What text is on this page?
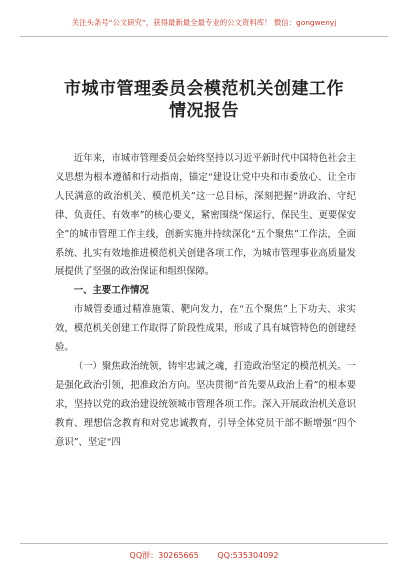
关注头条号“公文研究”，获得最新最全最专业的公文资料库！ 微信：gongwenyj
市城市管理委员会模范机关创建工作
情况报告

近年来，市城市管理委员会始终坚持以习近平新时代中国特色社会主义思想为根本遵循和行动指南，锚定“建设让党中央和市委放心、让全市人民满意的政治机关、模范机关”这一总目标，深刻把握“讲政治、守纪律、负责任、有效率”的核心要义，紧密围绕“保运行、保民生、更要保安全”的城市管理工作主线，创新实施并持续深化“五个聚焦”工作法，全面系统、扎实有效地推进模范机关创建各项工作，为城市管理事业高质量发展提供了坚强的政治保证和组织保障。

一、主要工作情况

市城管委通过精准施策、靶向发力，在“五个聚焦”上下功夫、求实效，模范机关创建工作取得了阶段性成果，形成了具有城管特色的创建经验。

（一）聚焦政治统领，铸牢忠诚之魂，打造政治坚定的模范机关。一是强化政治引领，把准政治方向。坚决贯彻“首先要从政治上看”的根本要求，坚持以党的政治建设统领城市管理各项工作。深入开展政治机关意识教育、理想信念教育和对党忠诚教育，引导全体党员干部不断增强“四个意识”、坚定“四

QQ群：30265665 QQ:535304092
